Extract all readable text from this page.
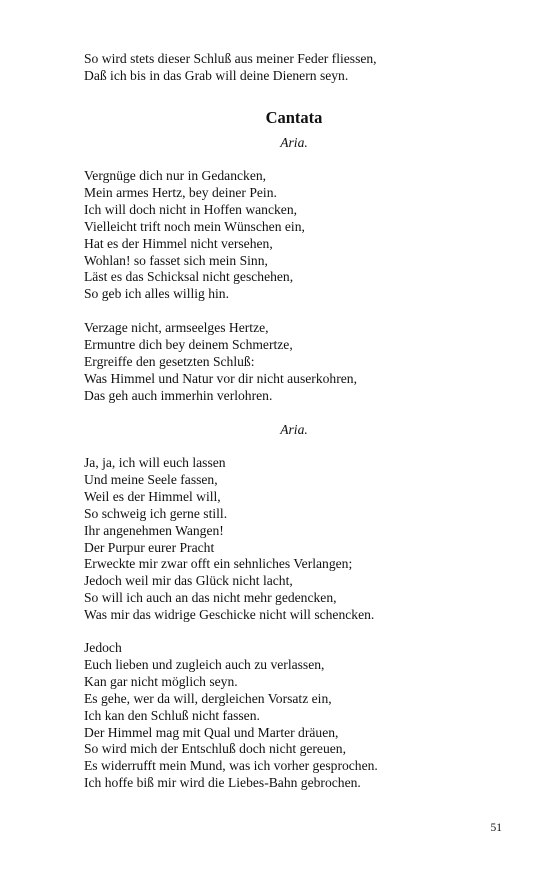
So wird stets dieser Schluß aus meiner Feder fliessen,
Daß ich bis in das Grab will deine Dienern seyn.
Cantata
Aria.
Vergnüge dich nur in Gedancken,
Mein armes Hertz, bey deiner Pein.
Ich will doch nicht in Hoffen wancken,
Vielleicht trift noch mein Wünschen ein,
Hat es der Himmel nicht versehen,
Wohlan! so fasset sich mein Sinn,
Läst es das Schicksal nicht geschehen,
So geb ich alles willig hin.
Verzage nicht, armseelges Hertze,
Ermuntre dich bey deinem Schmertze,
Ergreiffe den gesetzten Schluß:
Was Himmel und Natur vor dir nicht auserkohren,
Das geh auch immerhin verlohren.
Aria.
Ja, ja, ich will euch lassen
Und meine Seele fassen,
Weil es der Himmel will,
So schweig ich gerne still.
Ihr angenehmen Wangen!
Der Purpur eurer Pracht
Erweckte mir zwar offt ein sehnliches Verlangen;
Jedoch weil mir das Glück nicht lacht,
So will ich auch an das nicht mehr gedencken,
Was mir das widrige Geschicke nicht will schencken.
Jedoch
Euch lieben und zugleich auch zu verlassen,
Kan gar nicht möglich seyn.
Es gehe, wer da will, dergleichen Vorsatz ein,
Ich kan den Schluß nicht fassen.
Der Himmel mag mit Qual und Marter dräuen,
So wird mich der Entschluß doch nicht gereuen,
Es widerrufft mein Mund, was ich vorher gesprochen.
Ich hoffe biß mir wird die Liebes-Bahn gebrochen.
51
